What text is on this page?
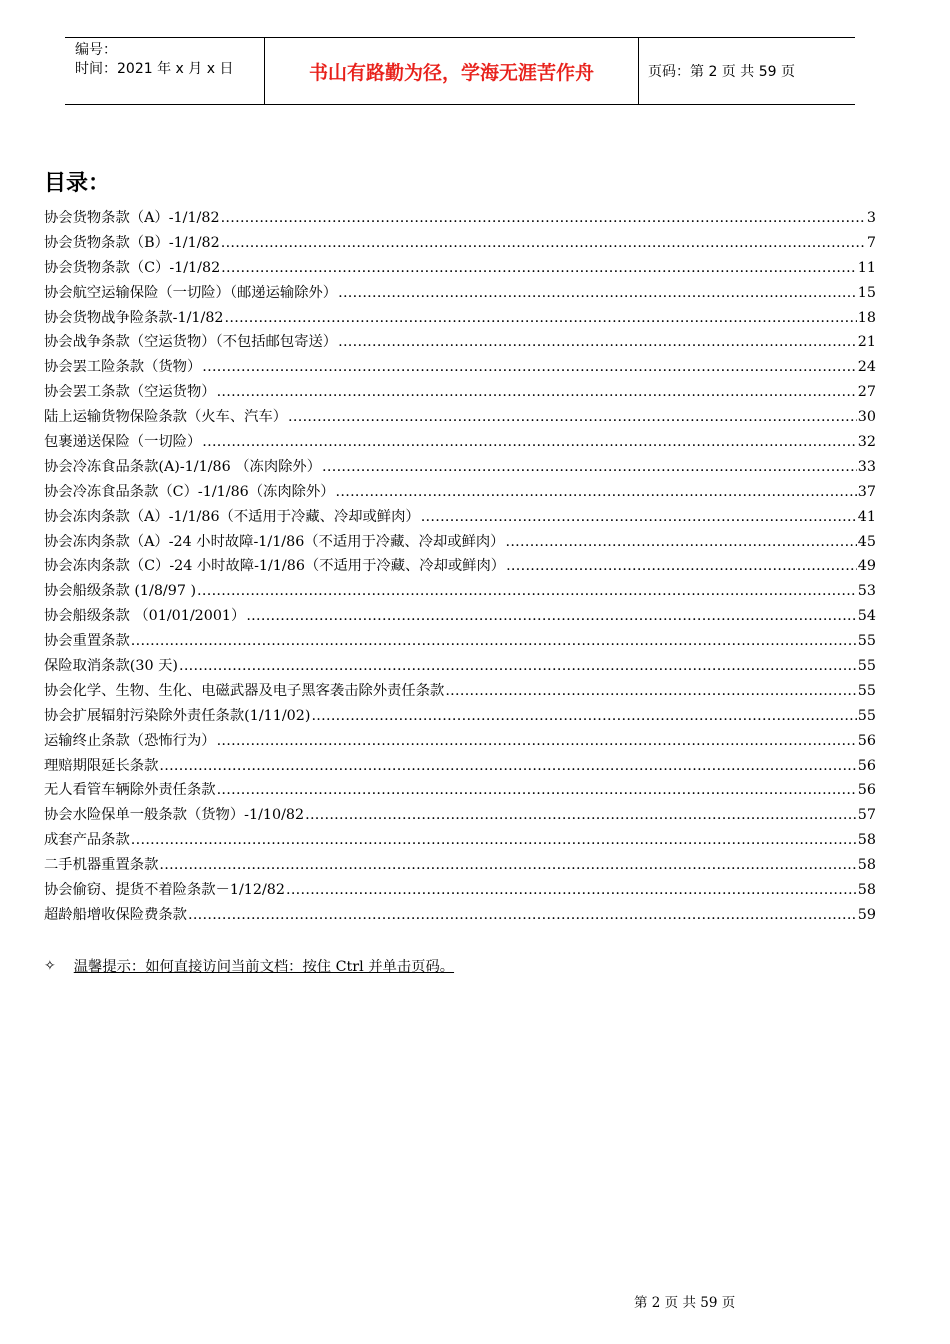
编号：
时间：2021 年 x 月 x 日	书山有路勤为径，学海无涯苦作舟	页码：第 2 页 共 59 页
目录：
协会货物条款（A）-1/1/82 .....	3
协会货物条款（B）-1/1/82 .....	7
协会货物条款（C）-1/1/82 .....	11
协会航空运输保险（一切险）（邮递运输除外） .....	15
协会货物战争险条款-1/1/82 .....	18
协会战争条款（空运货物）（不包括邮包寄送） .....	21
协会罢工险条款（货物） .....	24
协会罢工条款（空运货物） .....	27
陆上运输货物保险条款（火车、汽车） .....	30
包裹递送保险（一切险） .....	32
协会冷冻食品条款(A)-1/1/86 （冻肉除外） .....	33
协会冷冻食品条款（C）-1/1/86（冻肉除外） .....	37
协会冻肉条款（A）-1/1/86（不适用于冷藏、冷却或鲜肉） .....	41
协会冻肉条款（A）-24 小时故障-1/1/86（不适用于冷藏、冷却或鲜肉） .....	45
协会冻肉条款（C）-24 小时故障-1/1/86（不适用于冷藏、冷却或鲜肉） .....	49
协会船级条款 (1/8/97 ) .....	53
协会船级条款 （01/01/2001） .....	54
协会重置条款 .....	55
保险取消条款(30 天) .....	55
协会化学、生物、生化、电磁武器及电子黑客袭击除外责任条款 .....	55
协会扩展辐射污染除外责任条款(1/11/02) .....	55
运输终止条款（恐怖行为） .....	56
理赔期限延长条款 .....	56
无人看管车辆除外责任条款 .....	56
协会水险保单一般条款（货物）-1/10/82 .....	57
成套产品条款 .....	58
二手机器重置条款 .....	58
协会偷窃、提货不着险条款－1/12/82 .....	58
超龄船增收保险费条款 .....	59
✧ 温馨提示：如何直接访问当前文档：按住 Ctrl 并单击页码。
第 2 页 共 59 页
